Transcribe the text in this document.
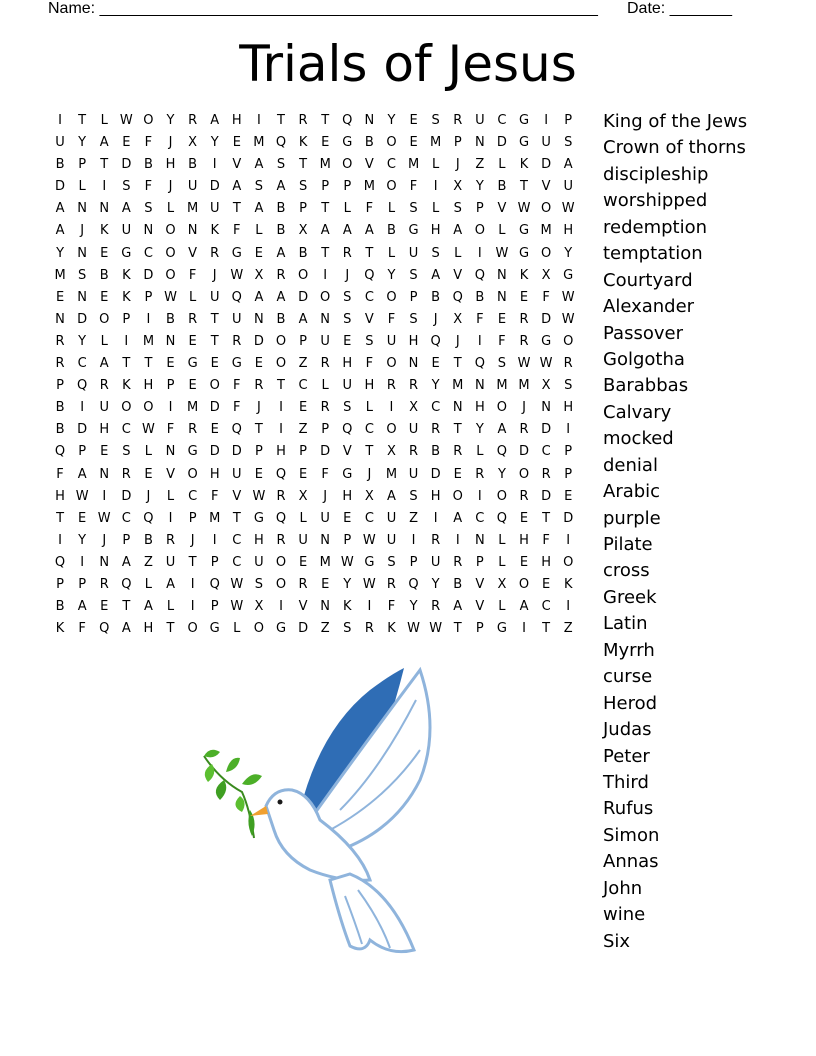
Name: ________________________________________________________ Date: _______
Trials of Jesus
I	T	L W O	Y	R	A H	I	T	R	T	Q N	Y	E	S	R U C G	I	P
U	Y	A	E	F	J	X	Y	E M Q K	E G B O E M P	N D G U	S
B	P	T	D B H B	I	V	A	S	T M O V	C M L	J	Z	L	K D A
D	L	I	S	F	J	U D A	S	A	S	P	P M O	F	I	X	Y	B	T	V U
A N N A	S	L M U	T	A	B	P	T	L	F	L	S	L	S	P	V W O W
A	J	K	U N O N K	F	L	B	X	A	A	A	B G H A O	L	G M H
Y	N	E G C O V	R G E	A	B	T	R	T	L	U	S	L	I	W G O	Y
M S	B	K D O	F	J	W X	R O	I	J	Q	Y	S	A	V Q N K	X G
E	N	E	K	P W L	U Q A	A D O S	C O	P	B Q B N	E	F W
N D O	P	I	B	R	T	U N B	A N	S	V	F	S	J	X	F	E	R D W
R	Y	L	I	M N	E	T	R D O	P	U	E	S	U H Q	J	I	F	R G O
R	C	A	T	T	E G E G E O Z	R H	F	O N	E	T	Q S W W R
P	Q R	K H	P	E O	F	R	T	C	L	U H R	R	Y M N M M X	S
B	I	U O O	I	M D	F	J	I	E	R	S	L	I	X	C N H O	J	N H
B D H C W F	R	E Q	T	I	Z	P	Q C O U R	T	Y	A	R D	I
Q	P	E	S	L	N G D D	P	H	P	D V	T	X	R	B	R	L	Q D C	P
F	A N R	E	V O H U	E Q E	F	G	J	M U D E	R	Y	O R	P
H W	I	D	J	L	C	F	V W R	X	J	H X	A	S	H O	I	O R D E
T	E W C Q	I	P M T	G Q	L	U	E	C U Z	I	A	C Q E	T	D
I	Y	J	P	B	R	J	I	C H R U N	P W U	I	R	I	N	L	H	F	I
Q	I	N A	Z U	T	P	C U O E M W G S	P	U R	P	L	E	H O
P	P	R Q	L	A	I	Q W S O R	E	Y W R Q	Y	B	V	X O E	K
B	A	E	T	A	L	I	P W X	I	V N K	I	F	Y	R	A	V	L	A	C	I
K	F	Q A H	T	O G	L	O G D Z	S	R	K W W T	P	G	I	T	Z
King of the Jews
Crown of thorns
discipleship
worshipped
redemption
temptation
Courtyard
Alexander
Passover
Golgotha
Barabbas
Calvary
mocked
denial
Arabic
purple
Pilate
cross
Greek
Latin
Myrrh
curse
Herod
Judas
Peter
Third
Rufus
Simon
Annas
John
wine
Six
